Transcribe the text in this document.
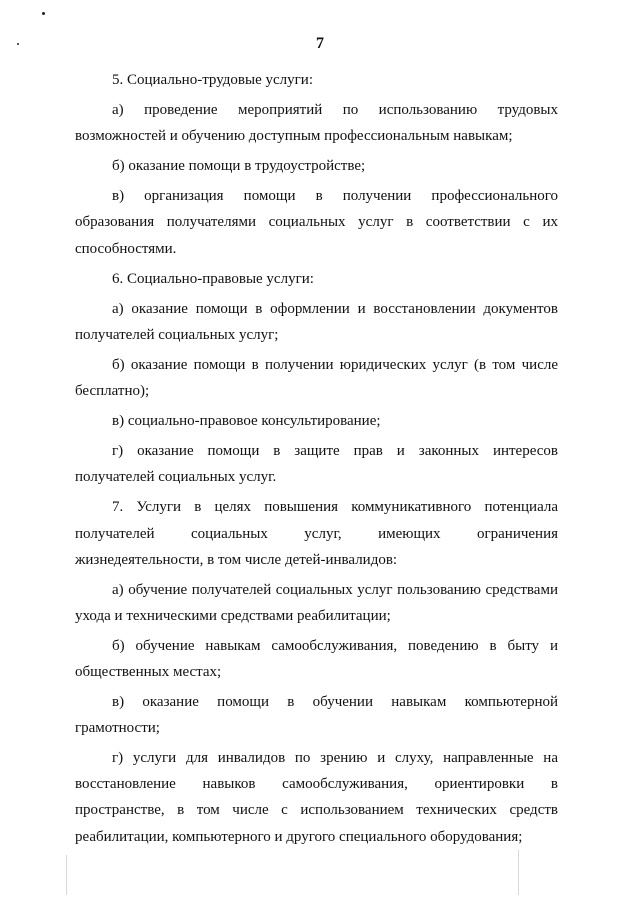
7

5. Социально-трудовые услуги:

а) проведение мероприятий по использованию трудовых возможностей и обучению доступным профессиональным навыкам;

б) оказание помощи в трудоустройстве;

в) организация помощи в получении профессионального образования получателями социальных услуг в соответствии с их способностями.

6. Социально-правовые услуги:

а) оказание помощи в оформлении и восстановлении документов получателей социальных услуг;

б) оказание помощи в получении юридических услуг (в том числе бесплатно);

в) социально-правовое консультирование;

г) оказание помощи в защите прав и законных интересов получателей социальных услуг.

7. Услуги в целях повышения коммуникативного потенциала получателей социальных услуг, имеющих ограничения жизнедеятельности, в том числе детей-инвалидов:

а) обучение получателей социальных услуг пользованию средствами ухода и техническими средствами реабилитации;

б) обучение навыкам самообслуживания, поведению в быту и общественных местах;

в) оказание помощи в обучении навыкам компьютерной грамотности;

г) услуги для инвалидов по зрению и слуху, направленные на восстановление навыков самообслуживания, ориентировки в пространстве, в том числе с использованием технических средств реабилитации, компьютерного и другого специального оборудования;
